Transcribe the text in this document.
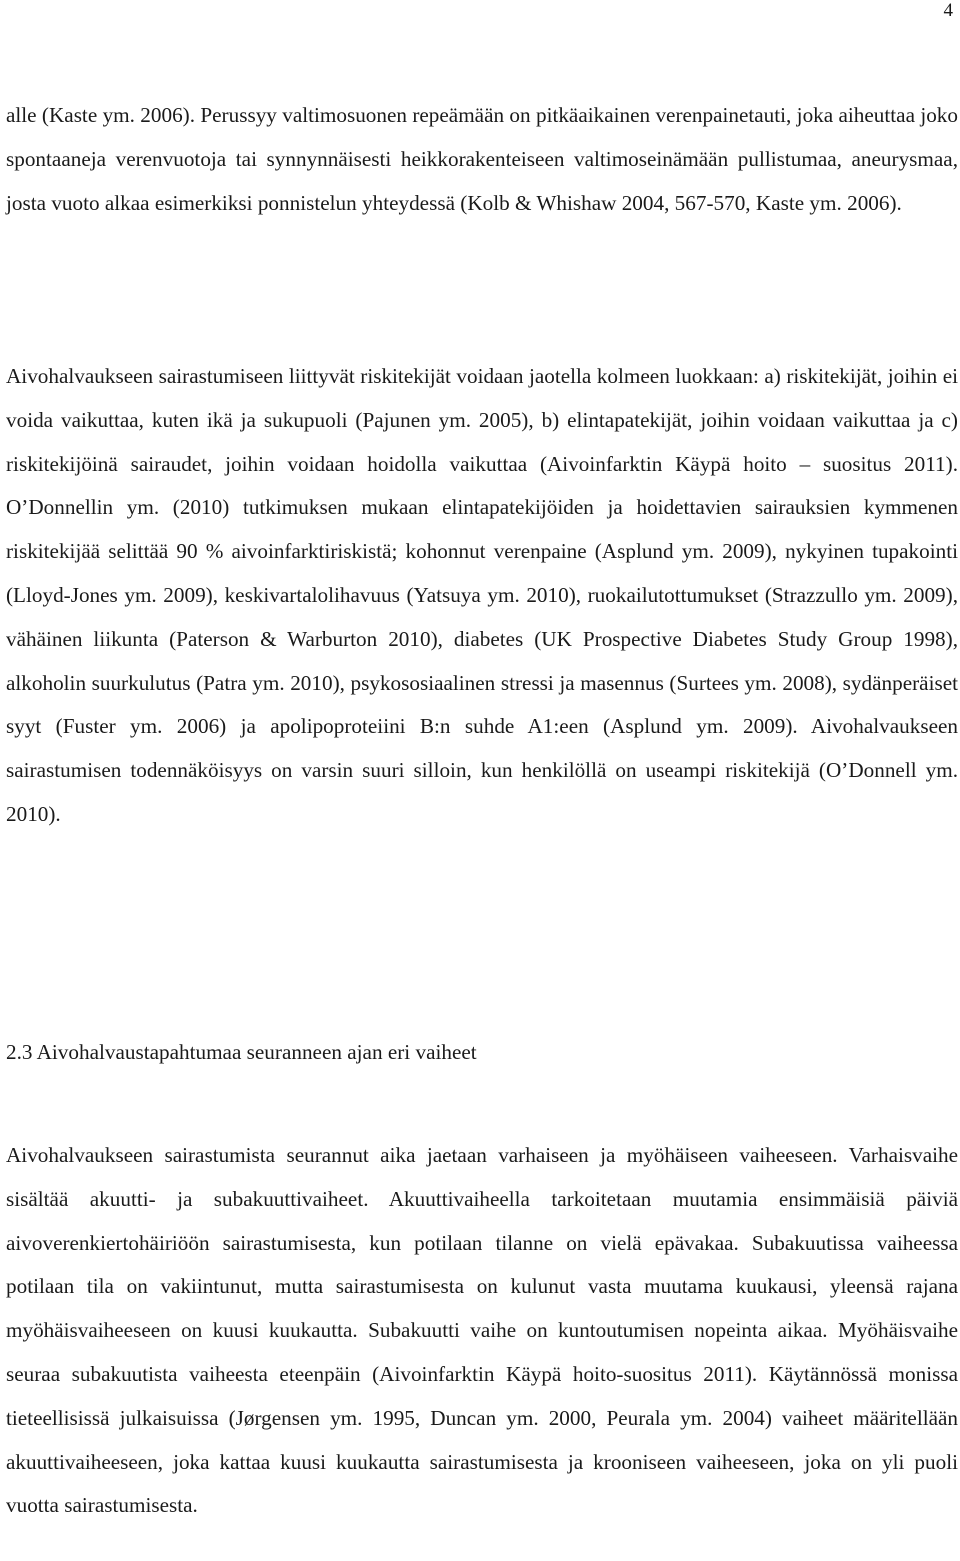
4

alle (Kaste ym. 2006). Perussyy valtimosuonen repeämään on pitkäaikainen verenpainetauti, joka aiheuttaa joko spontaaneja verenvuotoja tai synnynnäisesti heikkorakenteiseen valtimoseinämään pullistumaa, aneurysmaa, josta vuoto alkaa esimerkiksi ponnistelun yhteydessä (Kolb & Whishaw 2004, 567-570, Kaste ym. 2006).

Aivohalvaukseen sairastumiseen liittyvät riskitekijät voidaan jaotella kolmeen luokkaan: a) riskitekijät, joihin ei voida vaikuttaa, kuten ikä ja sukupuoli (Pajunen ym. 2005), b) elintapatekijät, joihin voidaan vaikuttaa ja c) riskitekijöinä sairaudet, joihin voidaan hoidolla vaikuttaa (Aivoinfarktin Käypä hoito – suositus 2011). O’Donnellin ym. (2010) tutkimuksen mukaan elintapatekijöiden ja hoidettavien sairauksien kymmenen riskitekijää selittää 90 % aivoinfarktiriskistä; kohonnut verenpaine (Asplund ym. 2009), nykyinen tupakointi (Lloyd-Jones ym. 2009), keskivartalolihavuus (Yatsuya ym. 2010), ruokailutottumukset (Strazzullo ym. 2009), vähäinen liikunta (Paterson & Warburton 2010), diabetes (UK Prospective Diabetes Study Group 1998), alkoholin suurkulutus (Patra ym. 2010), psykososiaalinen stressi ja masennus (Surtees ym. 2008), sydänperäiset syyt (Fuster ym. 2006) ja apolipoproteiini B:n suhde A1:een (Asplund ym. 2009). Aivohalvaukseen sairastumisen todennäköisyys on varsin suuri silloin, kun henkilöllä on useampi riskitekijä (O’Donnell ym. 2010).

2.3 Aivohalvaustapahtumaa seuranneen ajan eri vaiheet

Aivohalvaukseen sairastumista seurannut aika jaetaan varhaiseen ja myöhäiseen vaiheeseen. Varhaisvaihe sisältää akuutti- ja subakuuttivaiheet. Akuuttivaiheella tarkoitetaan muutamia ensimmäisiä päiviä aivoverenkiertohäiriöön sairastumisesta, kun potilaan tilanne on vielä epävakaa. Subakuutissa vaiheessa potilaan tila on vakiintunut, mutta sairastumisesta on kulunut vasta muutama kuukausi, yleensä rajana myöhäisvaiheeseen on kuusi kuukautta. Subakuutti vaihe on kuntoutumisen nopeinta aikaa. Myöhäisvaihe seuraa subakuutista vaiheesta eteenpäin (Aivoinfarktin Käypä hoito-suositus 2011). Käytännössä monissa tieteellisissä julkaisuissa (Jørgensen ym. 1995, Duncan ym. 2000, Peurala ym. 2004) vaiheet määritellään akuuttivaiheeseen, joka kattaa kuusi kuukautta sairastumisesta ja krooniseen vaiheeseen, joka on yli puoli vuotta sairastumisesta.
